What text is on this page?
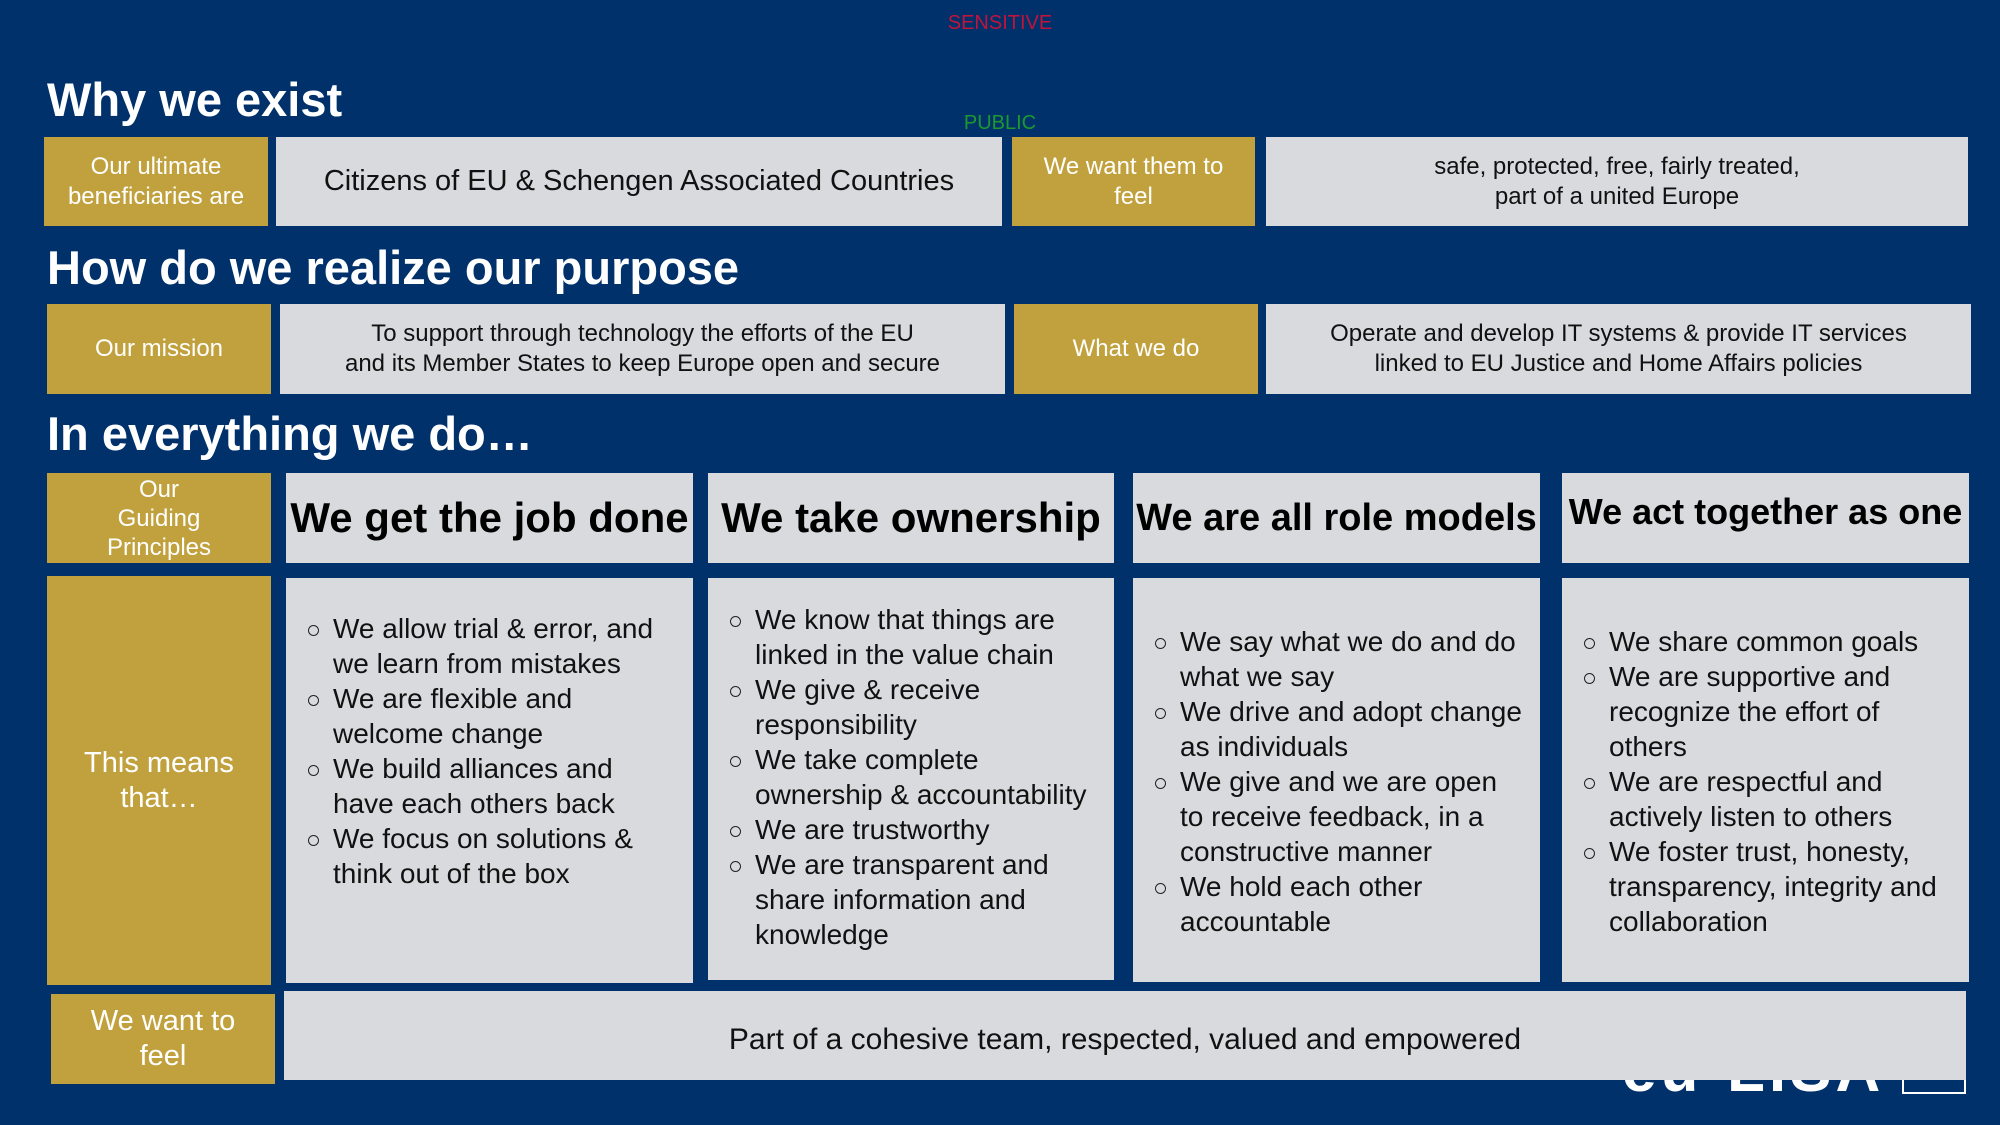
SENSITIVE
PUBLIC
Why we exist
Our ultimate beneficiaries are	Citizens of EU & Schengen Associated Countries	We want them to feel
safe, protected, free, fairly treated,
part of a united Europe
How do we realize our purpose
Our mission
To support through technology the efforts of the EU
and its Member States to keep Europe open and secure
What we do
Operate and develop IT systems & provide IT services
linked to EU Justice and Home Affairs policies
In everything we do…
Our
Guiding
Principles
We get the job done We take ownership We are all role models We act together as one
This means
that…
We allow trial & error, and we learn from mistakes
We are flexible and welcome change
We build alliances and have each others back
We focus on solutions & think out of the box
We know that things are linked in the value chain
We give & receive responsibility
We take complete ownership & accountability
We are trustworthy
We are transparent and share information and knowledge
We say what we do and do what we say
We drive and adopt change as individuals
We give and we are open to receive feedback, in a constructive manner
We hold each other accountable
We share common goals
We are supportive and recognize the effort of others
We are respectful and actively listen to others
We foster trust, honesty, transparency, integrity and collaboration
We want to
feel
Part of a cohesive team, respected, valued and empowered
